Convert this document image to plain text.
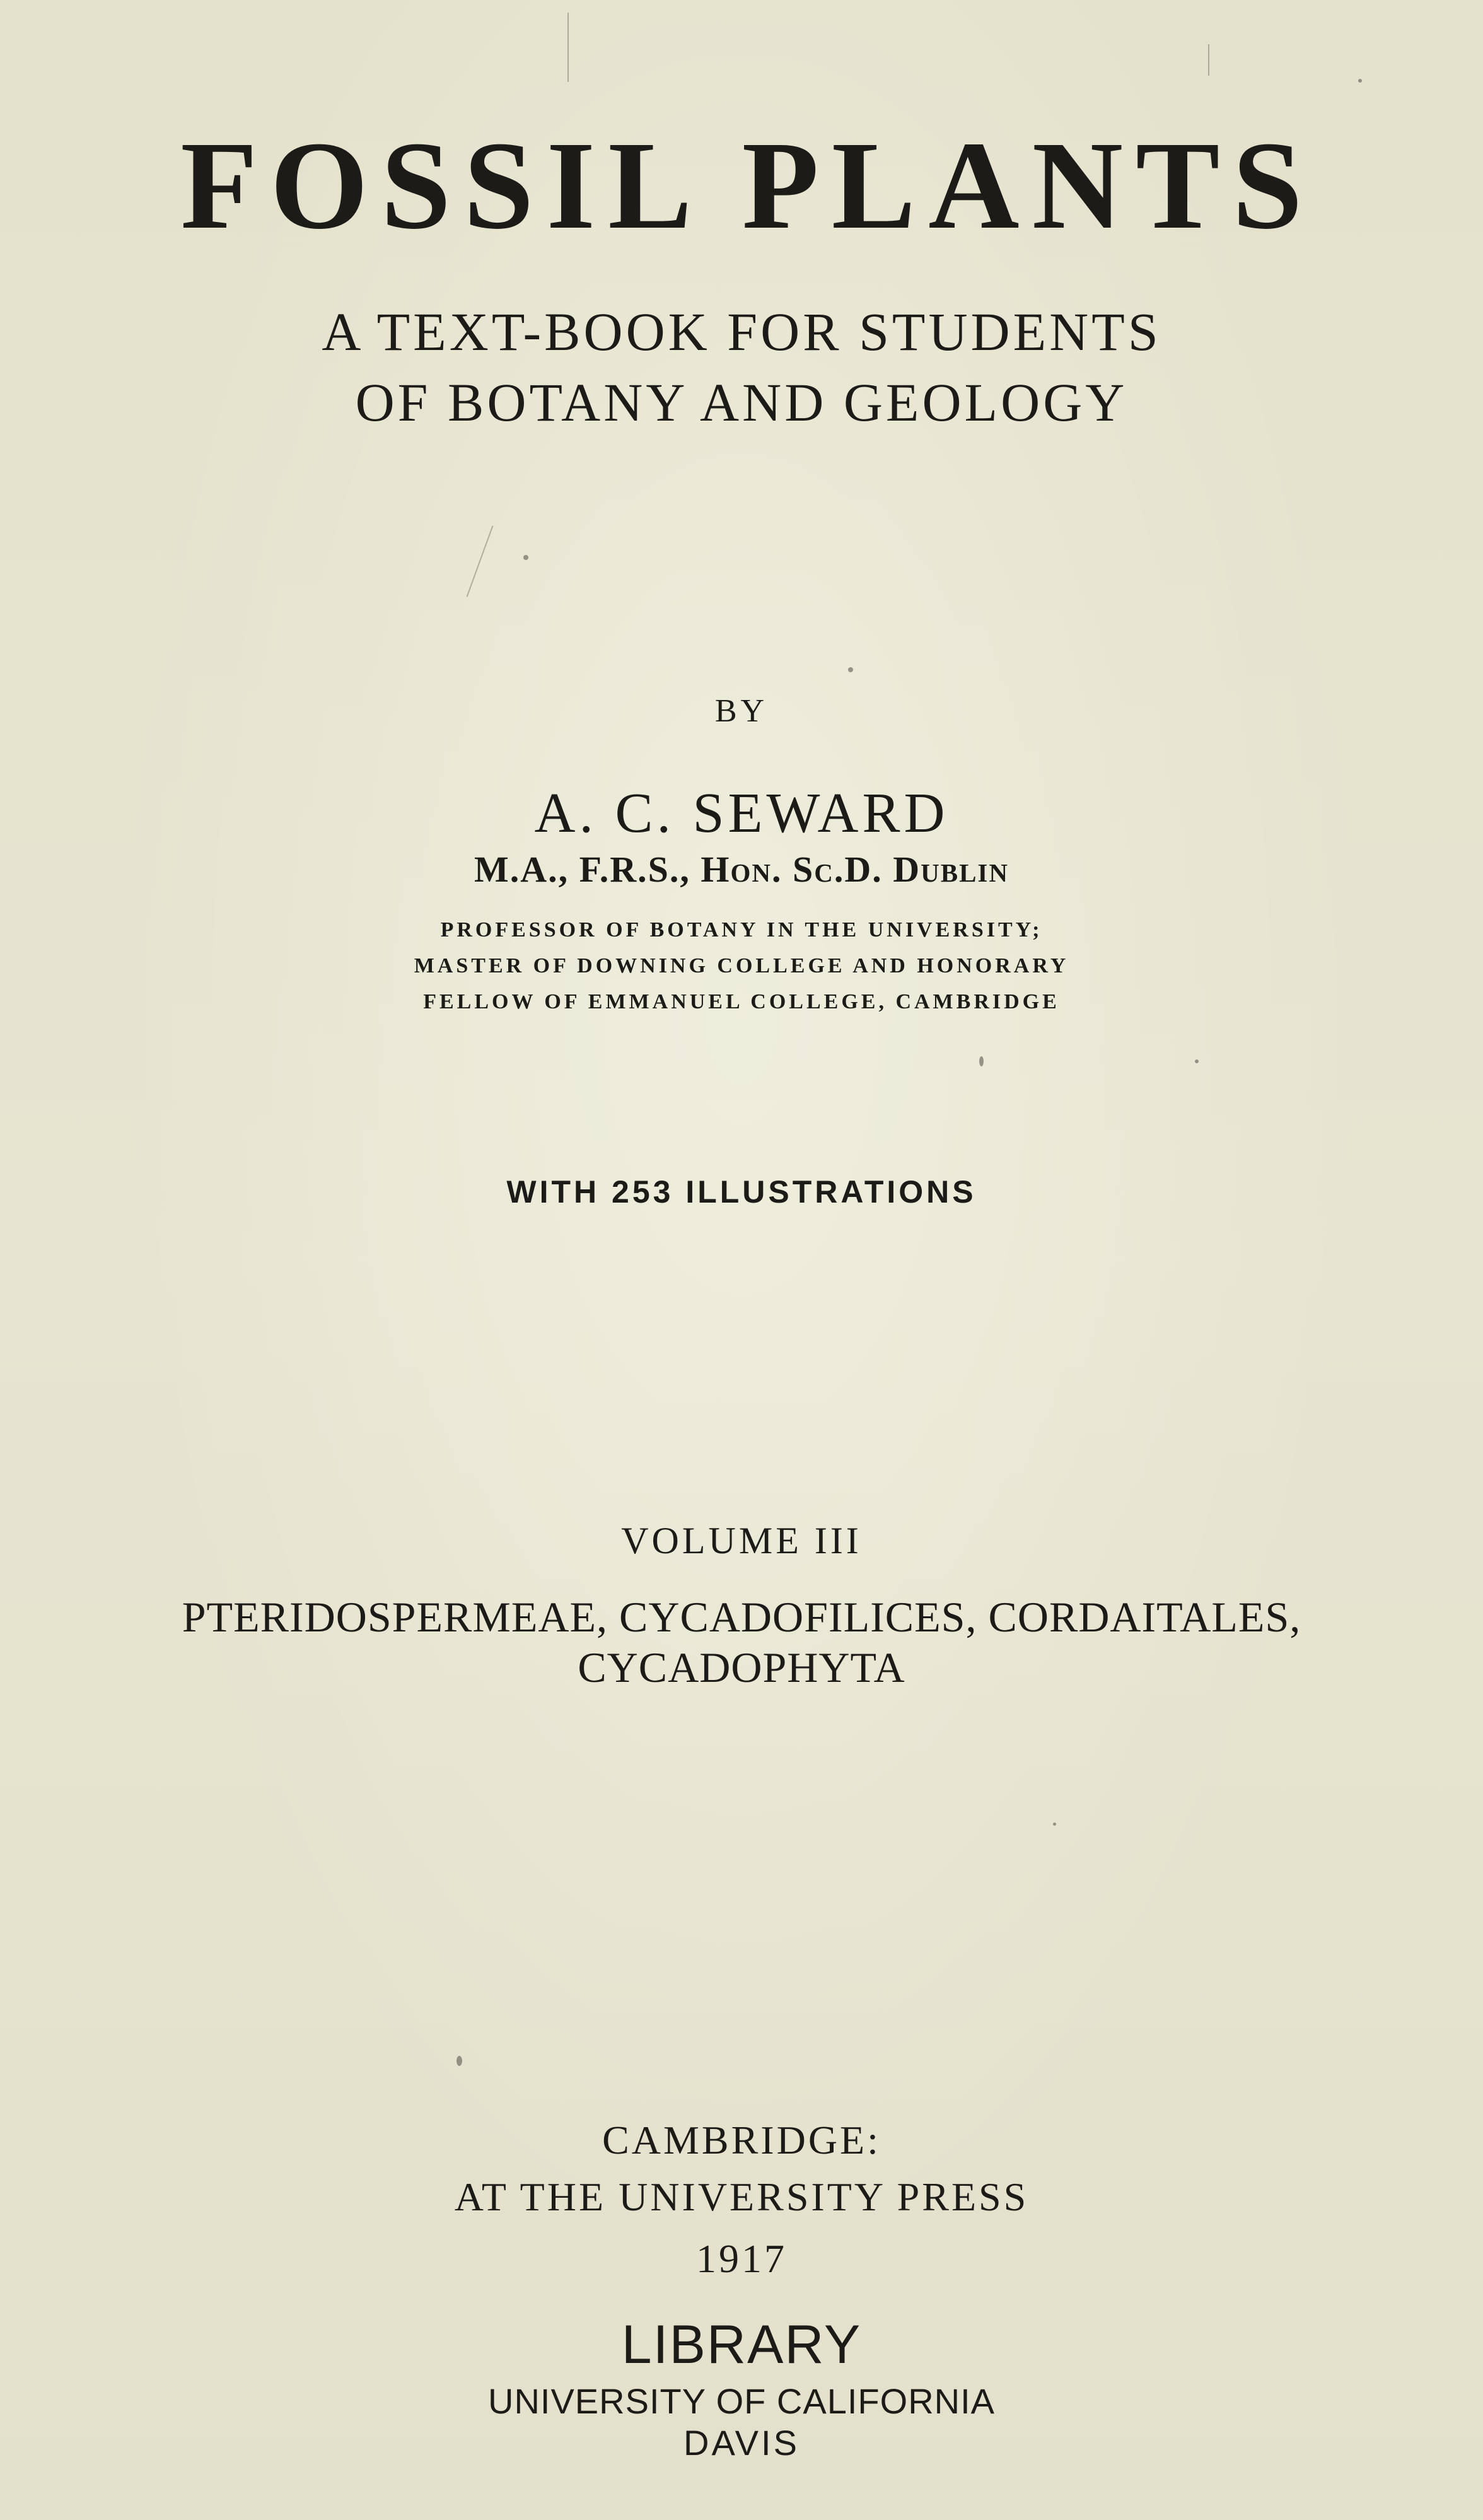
FOSSIL PLANTS

A TEXT-BOOK FOR STUDENTS

OF BOTANY AND GEOLOGY

BY

A. C. SEWARD

M.A., F.R.S., Hon. Sc.D. Dublin

PROFESSOR OF BOTANY IN THE UNIVERSITY;

MASTER OF DOWNING COLLEGE AND HONORARY

FELLOW OF EMMANUEL COLLEGE, CAMBRIDGE

WITH 253 ILLUSTRATIONS

VOLUME III

PTERIDOSPERMEAE, CYCADOFILICES, CORDAITALES,

CYCADOPHYTA

CAMBRIDGE:

AT THE UNIVERSITY PRESS

1917

LIBRARY

UNIVERSITY OF CALIFORNIA

DAVIS
